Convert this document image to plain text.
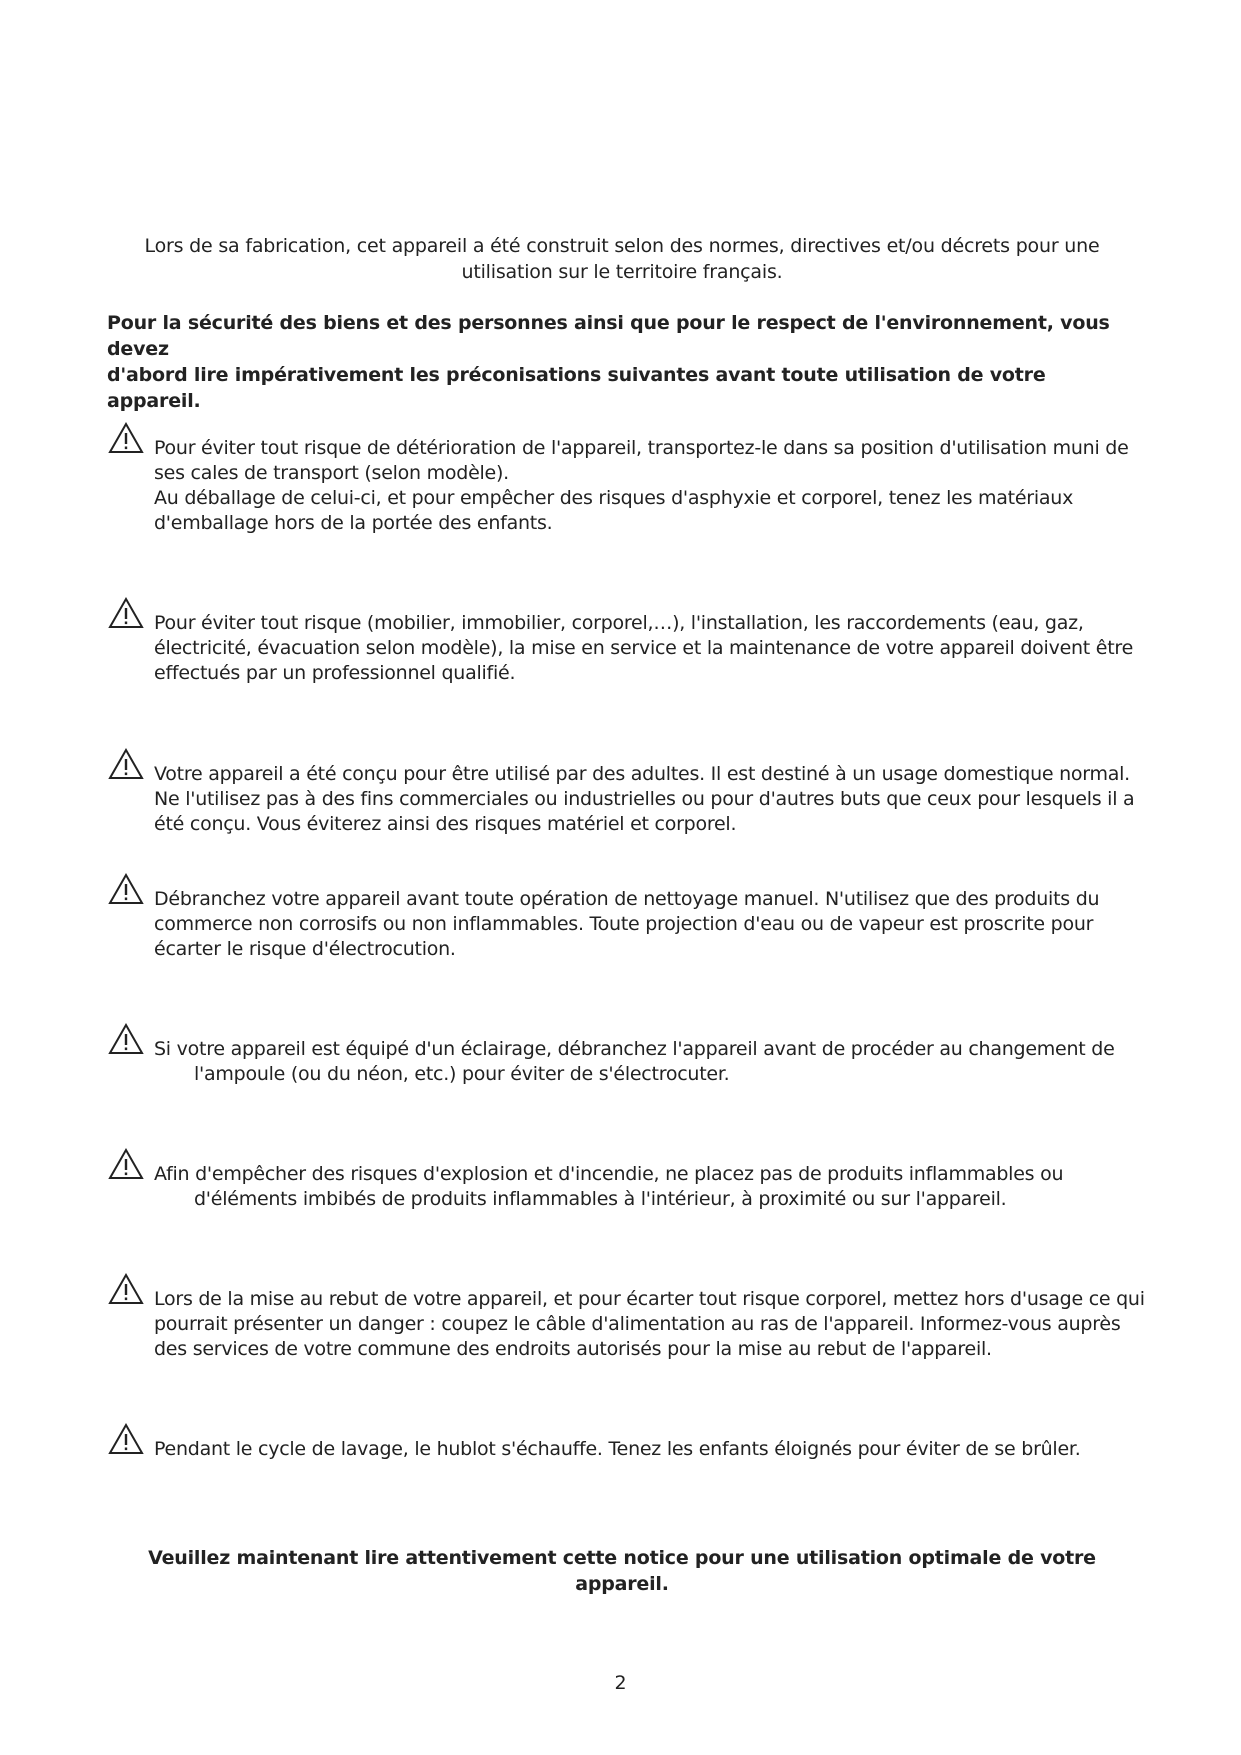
Lors de sa fabrication, cet appareil a été construit selon des normes, directives et/ou décrets pour une
utilisation sur le territoire français.

Pour la sécurité des biens et des personnes ainsi que pour le respect de l'environnement, vous devez
d'abord lire impérativement les préconisations suivantes avant toute utilisation de votre appareil.

Pour éviter tout risque de détérioration de l'appareil, transportez-le dans sa position d'utilisation muni de
ses cales de transport (selon modèle).
Au déballage de celui-ci, et pour empêcher des risques d'asphyxie et corporel, tenez les matériaux
d'emballage hors de la portée des enfants.

Pour éviter tout risque (mobilier, immobilier, corporel,…), l'installation, les raccordements (eau, gaz,
électricité, évacuation selon modèle), la mise en service et la maintenance de votre appareil doivent être
effectués par un professionnel qualifié.

Votre appareil a été conçu pour être utilisé par des adultes. Il est destiné à un usage domestique normal.
Ne l'utilisez pas à des fins commerciales ou industrielles ou pour d'autres buts que ceux pour lesquels il a
été conçu. Vous éviterez ainsi des risques matériel et corporel.

Débranchez votre appareil avant toute opération de nettoyage manuel. N'utilisez que des produits du
commerce non corrosifs ou non inflammables. Toute projection d'eau ou de vapeur est proscrite pour
écarter le risque d'électrocution.

Si votre appareil est équipé d'un éclairage, débranchez l'appareil avant de procéder au changement de
l'ampoule (ou du néon, etc.) pour éviter de s'électrocuter.

Afin d'empêcher des risques d'explosion et d'incendie, ne placez pas de produits inflammables ou
d'éléments imbibés de produits inflammables à l'intérieur, à proximité ou sur l'appareil.

Lors de la mise au rebut de votre appareil, et pour écarter tout risque corporel, mettez hors d'usage ce qui
pourrait présenter un danger : coupez le câble d'alimentation au ras de l'appareil. Informez-vous auprès
des services de votre commune des endroits autorisés pour la mise au rebut de l'appareil.

Pendant le cycle de lavage, le hublot s'échauffe. Tenez les enfants éloignés pour éviter de se brûler.

Veuillez maintenant lire attentivement cette notice pour une utilisation optimale de votre appareil.

2
